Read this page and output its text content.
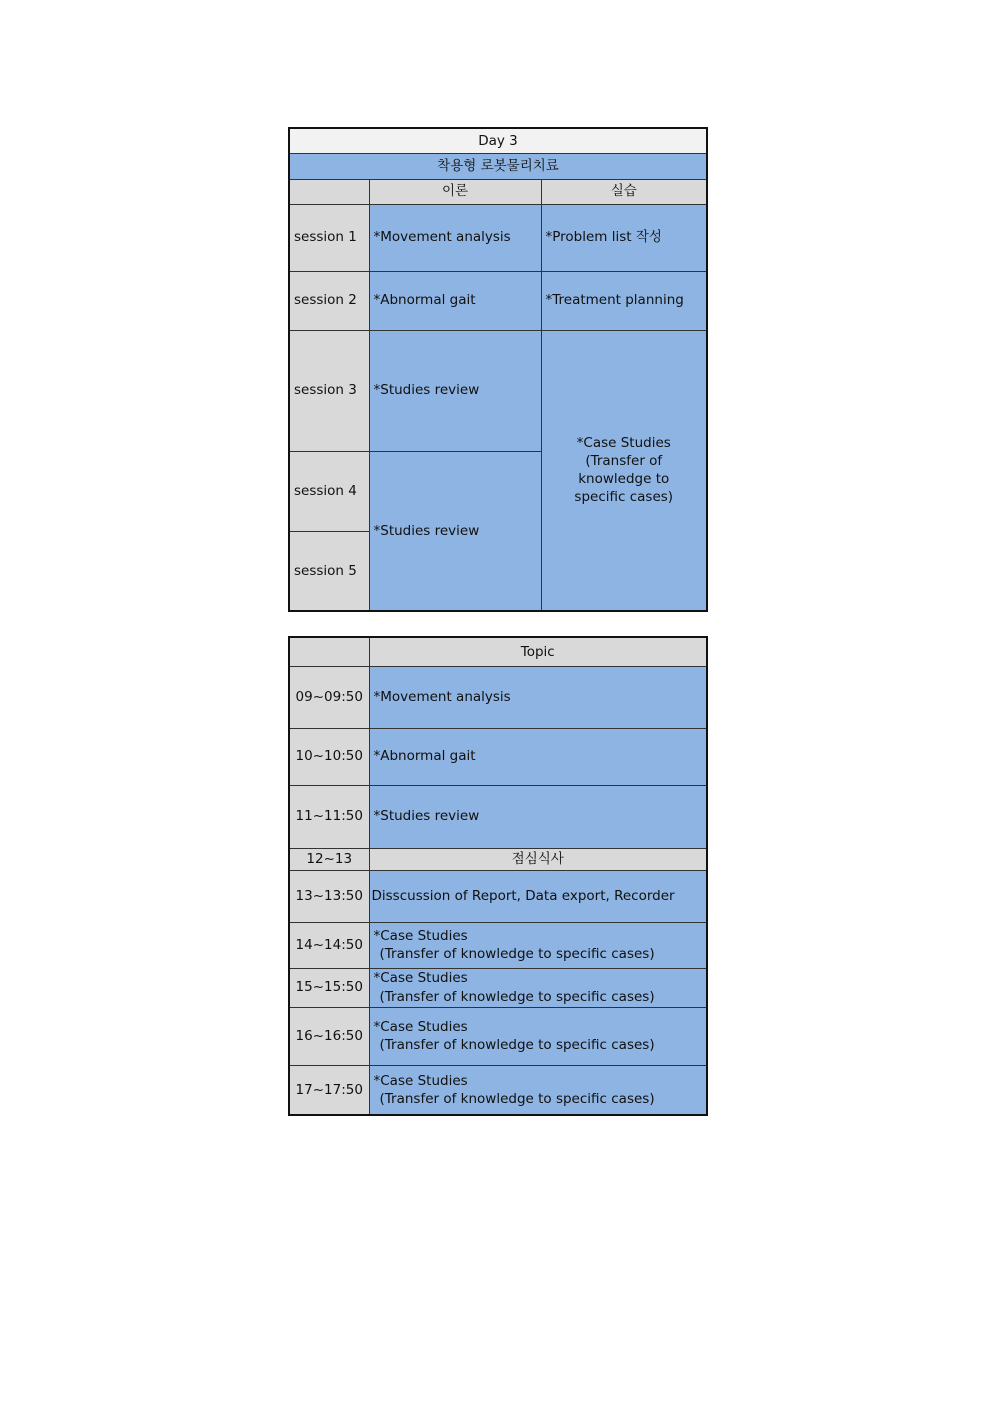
Day 3		
착용형 로봇물리치료		
	이론	실습
session 1	*Movement analysis	*Problem list 작성
session 2	*Abnormal gait	*Treatment planning
session 3	*Studies review	*Case Studies (Transfer of knowledge to specific cases)
session 4	*Studies review	
session 5		
	Topic
09~09:50	*Movement analysis
10~10:50	*Abnormal gait
11~11:50	*Studies review
12~13	점심식사
13~13:50	Disscussion of Report, Data export, Recorder
14~14:50	*Case Studies
(Transfer of knowledge to specific cases)

15~15:50	*Case Studies
(Transfer of knowledge to specific cases)

16~16:50	*Case Studies
(Transfer of knowledge to specific cases)

17~17:50	*Case Studies
(Transfer of knowledge to specific cases)
